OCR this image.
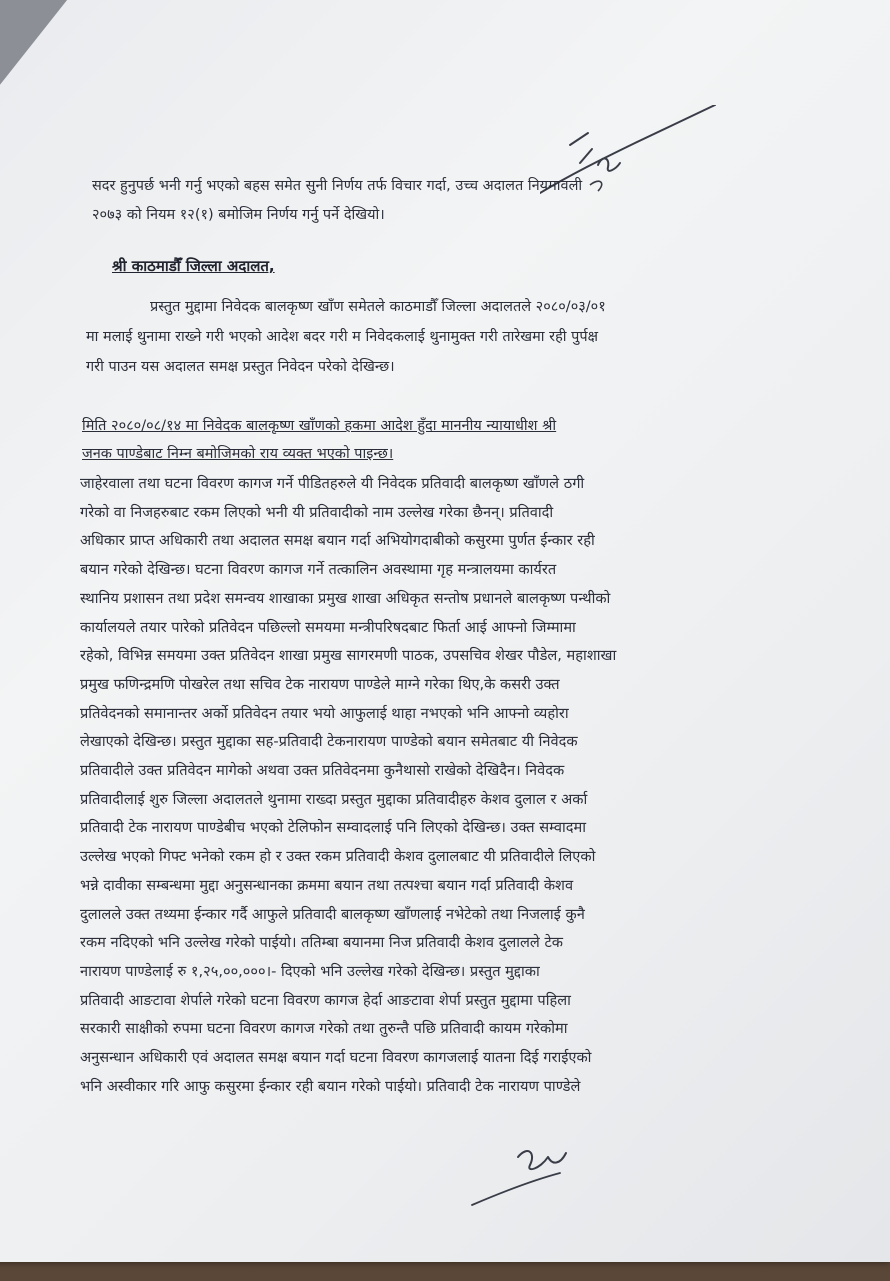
सदर हुनुपर्छ भनी गर्नु भएको बहस समेत सुनी निर्णय तर्फ विचार गर्दा, उच्च अदालत नियमावली
२०७३ को नियम १२(१) बमोजिम निर्णय गर्नु पर्ने देखियो।
श्री काठमाडौँ जिल्ला अदालत,
प्रस्तुत मुद्दामा निवेदक बालकृष्ण खाँण समेतले काठमाडौँ जिल्ला अदालतले २०८०/०३/०१
मा मलाई थुनामा राख्ने गरी भएको आदेश बदर गरी म निवेदकलाई थुनामुक्त गरी तारेखमा रही पुर्पक्ष
गरी पाउन यस अदालत समक्ष प्रस्तुत निवेदन परेको देखिन्छ।
मिति २०८०/०८/१४ मा निवेदक बालकृष्ण खाँणको हकमा आदेश हुँदा माननीय न्यायाधीश श्री
जनक पाण्डेबाट निम्न बमोजिमको राय व्यक्त भएको पाइन्छ।
जाहेरवाला तथा घटना विवरण कागज गर्ने पीडितहरुले यी निवेदक प्रतिवादी बालकृष्ण खाँणले ठगी
गरेको वा निजहरुबाट रकम लिएको भनी यी प्रतिवादीको नाम उल्लेख गरेका छैनन्। प्रतिवादी
अधिकार प्राप्त अधिकारी तथा अदालत समक्ष बयान गर्दा अभियोगदाबीको कसुरमा पुर्णत ईन्कार रही
बयान गरेको देखिन्छ। घटना विवरण कागज गर्ने तत्कालिन अवस्थामा गृह मन्त्रालयमा कार्यरत
स्थानिय प्रशासन तथा प्रदेश समन्वय शाखाका प्रमुख शाखा अधिकृत सन्तोष प्रधानले बालकृष्ण पन्थीको
कार्यालयले तयार पारेको प्रतिवेदन पछिल्लो समयमा मन्त्रीपरिषदबाट फिर्ता आई आफ्नो जिम्मामा
रहेको, विभिन्न समयमा उक्त प्रतिवेदन शाखा प्रमुख सागरमणी पाठक, उपसचिव शेखर पौडेल, महाशाखा
प्रमुख फणिन्द्रमणि पोखरेल तथा सचिव टेक नारायण पाण्डेले माग्ने गरेका थिए,के कसरी उक्त
प्रतिवेदनको समानान्तर अर्को प्रतिवेदन तयार भयो आफुलाई थाहा नभएको भनि आफ्नो व्यहोरा
लेखाएको देखिन्छ। प्रस्तुत मुद्दाका सह-प्रतिवादी टेकनारायण पाण्डेको बयान समेतबाट यी निवेदक
प्रतिवादीले उक्त प्रतिवेदन मागेको अथवा उक्त प्रतिवेदनमा कुनैथासो राखेको देखिदैन। निवेदक
प्रतिवादीलाई शुरु जिल्ला अदालतले थुनामा राख्दा प्रस्तुत मुद्दाका प्रतिवादीहरु केशव दुलाल र अर्का
प्रतिवादी टेक नारायण पाण्डेबीच भएको टेलिफोन सम्वादलाई पनि लिएको देखिन्छ। उक्त सम्वादमा
उल्लेख भएको गिफ्ट भनेको रकम हो र उक्त रकम प्रतिवादी केशव दुलालबाट यी प्रतिवादीले लिएको
भन्ने दावीका सम्बन्धमा मुद्दा अनुसन्धानका क्रममा बयान तथा तत्पश्चा बयान गर्दा प्रतिवादी केशव
दुलालले उक्त तथ्यमा ईन्कार गर्दै आफुले प्रतिवादी बालकृष्ण खाँणलाई नभेटेको तथा निजलाई कुनै
रकम नदिएको भनि उल्लेख गरेको पाईयो। ततिम्बा बयानमा निज प्रतिवादी केशव दुलालले टेक
नारायण पाण्डेलाई रु १,२५,००,०००।- दिएको भनि उल्लेख गरेको देखिन्छ। प्रस्तुत मुद्दाका
प्रतिवादी आङटावा शेर्पाले गरेको घटना विवरण कागज हेर्दा आङटावा शेर्पा प्रस्तुत मुद्दामा पहिला
सरकारी साक्षीको रुपमा घटना विवरण कागज गरेको तथा तुरुन्तै पछि प्रतिवादी कायम गरेकोमा
अनुसन्धान अधिकारी एवं अदालत समक्ष बयान गर्दा घटना विवरण कागजलाई यातना दिई गराईएको
भनि अस्वीकार गरि आफु कसुरमा ईन्कार रही बयान गरेको पाईयो। प्रतिवादी टेक नारायण पाण्डेले
